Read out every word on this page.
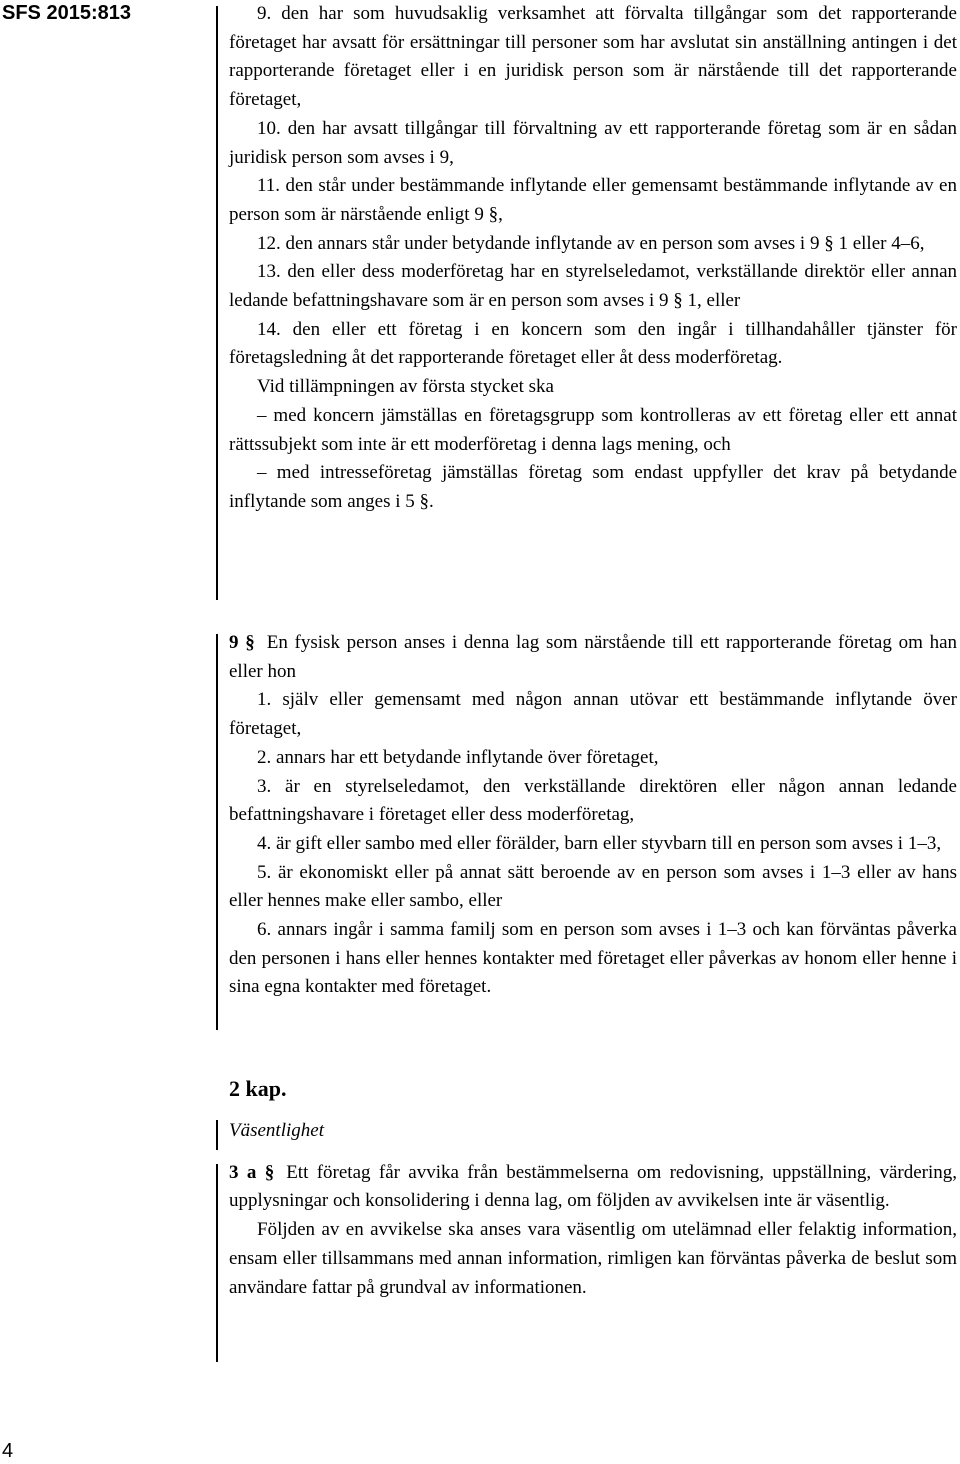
SFS 2015:813	9. den har som huvudsaklig verksamhet att förvalta tillgångar som det rapporterande företaget har avsatt för ersättningar till personer som har avslutat sin anställning antingen i det rapporterande företaget eller i en juridisk person som är närstående till det rapporterande företaget,

10. den har avsatt tillgångar till förvaltning av ett rapporterande företag som är en sådan juridisk person som avses i 9,

11. den står under bestämmande inflytande eller gemensamt bestämmande inflytande av en person som är närstående enligt 9 §,

12. den annars står under betydande inflytande av en person som avses i 9 § 1 eller 4–6,

13. den eller dess moderföretag har en styrelseledamot, verkställande direktör eller annan ledande befattningshavare som är en person som avses i 9 § 1, eller

14. den eller ett företag i en koncern som den ingår i tillhandahåller tjänster för företagsledning åt det rapporterande företaget eller åt dess moderföretag.

Vid tillämpningen av första stycket ska

– med koncern jämställas en företagsgrupp som kontrolleras av ett företag eller ett annat rättssubjekt som inte är ett moderföretag i denna lags mening, och

– med intresseföretag jämställas företag som endast uppfyller det krav på betydande inflytande som anges i 5 §.

9 § En fysisk person anses i denna lag som närstående till ett rapporterande företag om han eller hon

1. själv eller gemensamt med någon annan utövar ett bestämmande inflytande över företaget,

2. annars har ett betydande inflytande över företaget,

3. är en styrelseledamot, den verkställande direktören eller någon annan ledande befattningshavare i företaget eller dess moderföretag,

4. är gift eller sambo med eller förälder, barn eller styvbarn till en person som avses i 1–3,

5. är ekonomiskt eller på annat sätt beroende av en person som avses i 1–3 eller av hans eller hennes make eller sambo, eller

6. annars ingår i samma familj som en person som avses i 1–3 och kan förväntas påverka den personen i hans eller hennes kontakter med företaget eller påverkas av honom eller henne i sina egna kontakter med företaget.

2 kap.

Väsentlighet

3 a § Ett företag får avvika från bestämmelserna om redovisning, uppställning, värdering, upplysningar och konsolidering i denna lag, om följden av avvikelsen inte är väsentlig.

Följden av en avvikelse ska anses vara väsentlig om utelämnad eller felaktig information, ensam eller tillsammans med annan information, rimligen kan förväntas påverka de beslut som användare fattar på grundval av informationen.

4
